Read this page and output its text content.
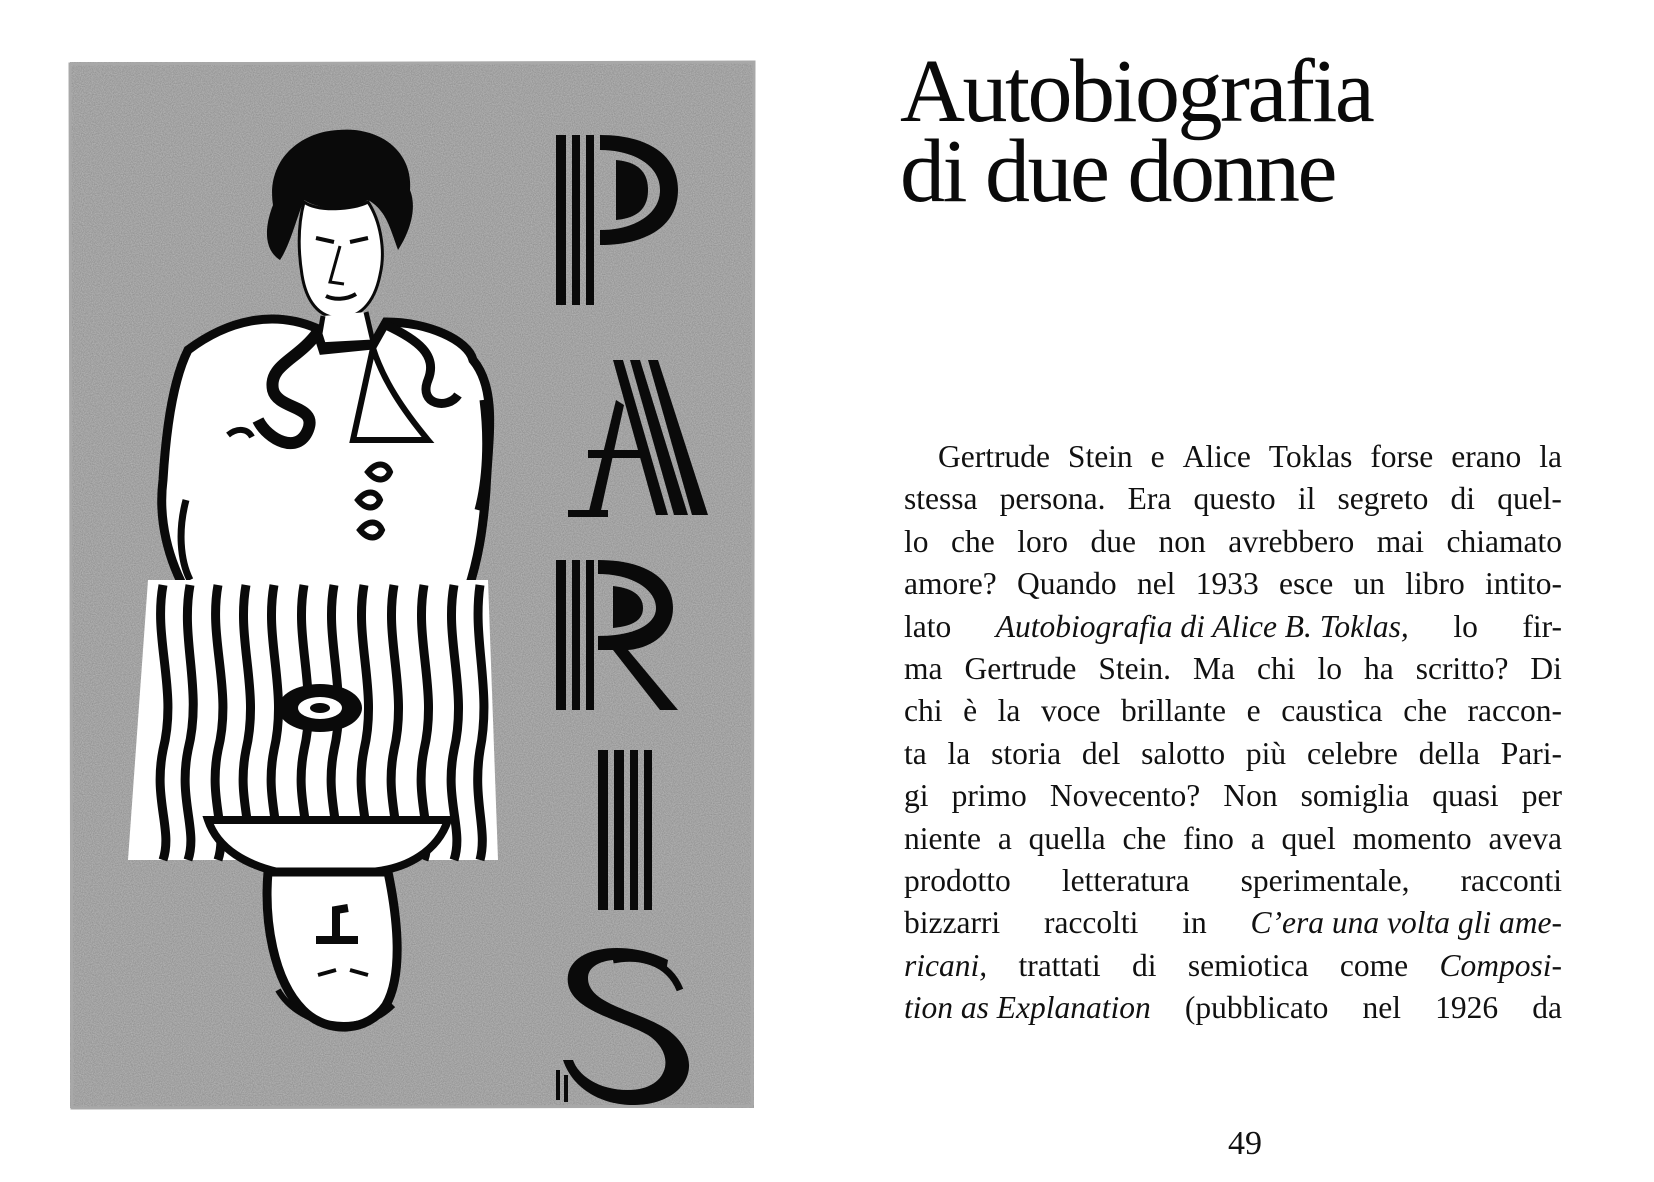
Autobiografia
di due donne
Gertrude Stein e Alice Toklas forse erano la
stessa persona. Era questo il segreto di quel-
lo che loro due non avrebbero mai chiamato
amore? Quando nel 1933 esce un libro intito-
lato Autobiografia di Alice B. Toklas, lo fir-
ma Gertrude Stein. Ma chi lo ha scritto? Di
chi è la voce brillante e caustica che raccon-
ta la storia del salotto più celebre della Pari-
gi primo Novecento? Non somiglia quasi per
niente a quella che fino a quel momento aveva
prodotto letteratura sperimentale, racconti
bizzarri raccolti in C’era una volta gli ame-
ricani, trattati di semiotica come Composi-
tion as Explanation (pubblicato nel 1926 da
49
